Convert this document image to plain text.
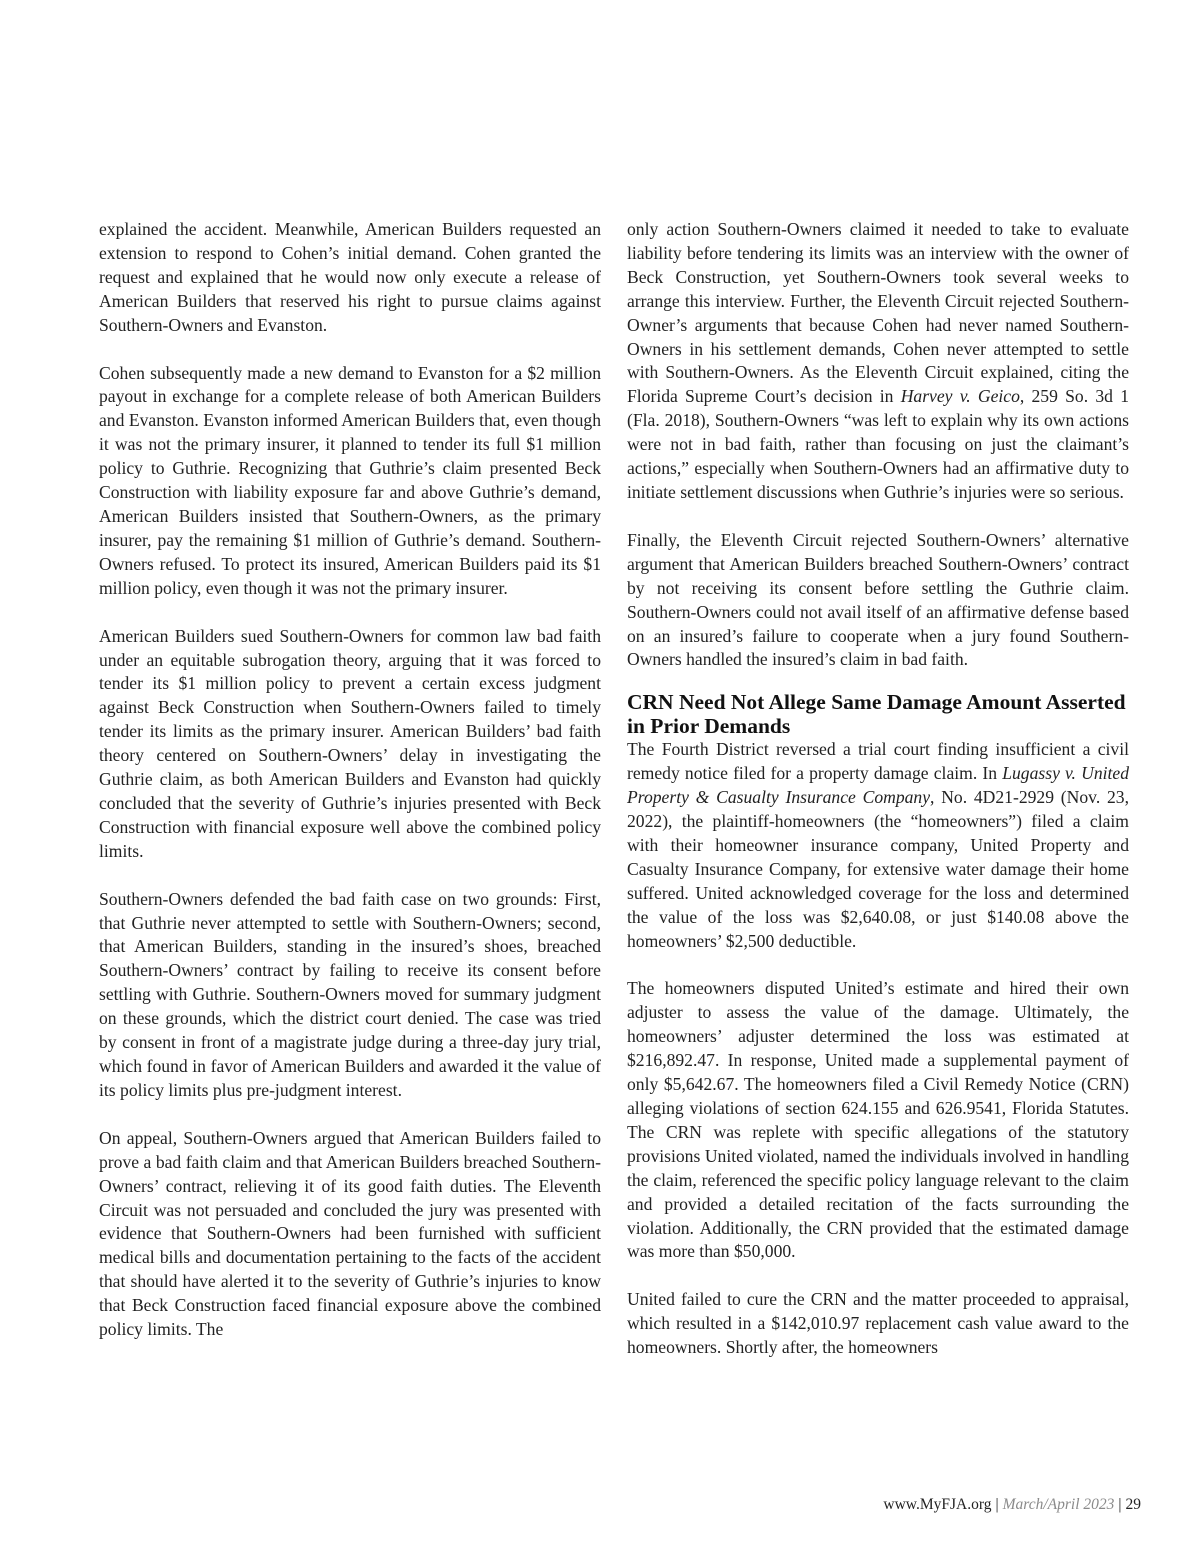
explained the accident. Meanwhile, American Builders requested an extension to respond to Cohen’s initial demand. Cohen granted the request and explained that he would now only execute a release of American Builders that reserved his right to pursue claims against Southern-Owners and Evanston.

Cohen subsequently made a new demand to Evanston for a $2 million payout in exchange for a complete release of both American Builders and Evanston. Evanston informed American Builders that, even though it was not the primary insurer, it planned to tender its full $1 million policy to Guthrie. Recognizing that Guthrie’s claim presented Beck Construction with liability exposure far and above Guthrie’s demand, American Builders insisted that Southern-Owners, as the primary insurer, pay the remaining $1 million of Guthrie’s demand. Southern-Owners refused. To protect its insured, American Builders paid its $1 million policy, even though it was not the primary insurer.

American Builders sued Southern-Owners for common law bad faith under an equitable subrogation theory, arguing that it was forced to tender its $1 million policy to prevent a certain excess judgment against Beck Construction when Southern-Owners failed to timely tender its limits as the primary insurer. American Builders’ bad faith theory centered on Southern-Owners’ delay in investigating the Guthrie claim, as both American Builders and Evanston had quickly concluded that the severity of Guthrie’s injuries presented with Beck Construction with financial exposure well above the combined policy limits.

Southern-Owners defended the bad faith case on two grounds: First, that Guthrie never attempted to settle with Southern-Owners; second, that American Builders, standing in the insured’s shoes, breached Southern-Owners’ contract by failing to receive its consent before settling with Guthrie. Southern-Owners moved for summary judgment on these grounds, which the district court denied. The case was tried by consent in front of a magistrate judge during a three-day jury trial, which found in favor of American Builders and awarded it the value of its policy limits plus pre-judgment interest.

On appeal, Southern-Owners argued that American Builders failed to prove a bad faith claim and that American Builders breached Southern-Owners’ contract, relieving it of its good faith duties. The Eleventh Circuit was not persuaded and concluded the jury was presented with evidence that Southern-Owners had been furnished with sufficient medical bills and documentation pertaining to the facts of the accident that should have alerted it to the severity of Guthrie’s injuries to know that Beck Construction faced financial exposure above the combined policy limits. The

only action Southern-Owners claimed it needed to take to evaluate liability before tendering its limits was an interview with the owner of Beck Construction, yet Southern-Owners took several weeks to arrange this interview. Further, the Eleventh Circuit rejected Southern-Owner’s arguments that because Cohen had never named Southern-Owners in his settlement demands, Cohen never attempted to settle with Southern-Owners. As the Eleventh Circuit explained, citing the Florida Supreme Court’s decision in Harvey v. Geico, 259 So. 3d 1 (Fla. 2018), Southern-Owners “was left to explain why its own actions were not in bad faith, rather than focusing on just the claimant’s actions,” especially when Southern-Owners had an affirmative duty to initiate settlement discussions when Guthrie’s injuries were so serious.

Finally, the Eleventh Circuit rejected Southern-Owners’ alternative argument that American Builders breached Southern-Owners’ contract by not receiving its consent before settling the Guthrie claim. Southern-Owners could not avail itself of an affirmative defense based on an insured’s failure to cooperate when a jury found Southern-Owners handled the insured’s claim in bad faith.

CRN Need Not Allege Same Damage Amount Asserted in Prior Demands

The Fourth District reversed a trial court finding insufficient a civil remedy notice filed for a property damage claim. In Lugassy v. United Property & Casualty Insurance Company, No. 4D21-2929 (Nov. 23, 2022), the plaintiff-homeowners (the “homeowners”) filed a claim with their homeowner insurance company, United Property and Casualty Insurance Company, for extensive water damage their home suffered. United acknowledged coverage for the loss and determined the value of the loss was $2,640.08, or just $140.08 above the homeowners’ $2,500 deductible.

The homeowners disputed United’s estimate and hired their own adjuster to assess the value of the damage. Ultimately, the homeowners’ adjuster determined the loss was estimated at $216,892.47. In response, United made a supplemental payment of only $5,642.67. The homeowners filed a Civil Remedy Notice (CRN) alleging violations of section 624.155 and 626.9541, Florida Statutes. The CRN was replete with specific allegations of the statutory provisions United violated, named the individuals involved in handling the claim, referenced the specific policy language relevant to the claim and provided a detailed recitation of the facts surrounding the violation. Additionally, the CRN provided that the estimated damage was more than $50,000.

United failed to cure the CRN and the matter proceeded to appraisal, which resulted in a $142,010.97 replacement cash value award to the homeowners. Shortly after, the homeowners

www.MyFJA.org | March/April 2023 | 29
